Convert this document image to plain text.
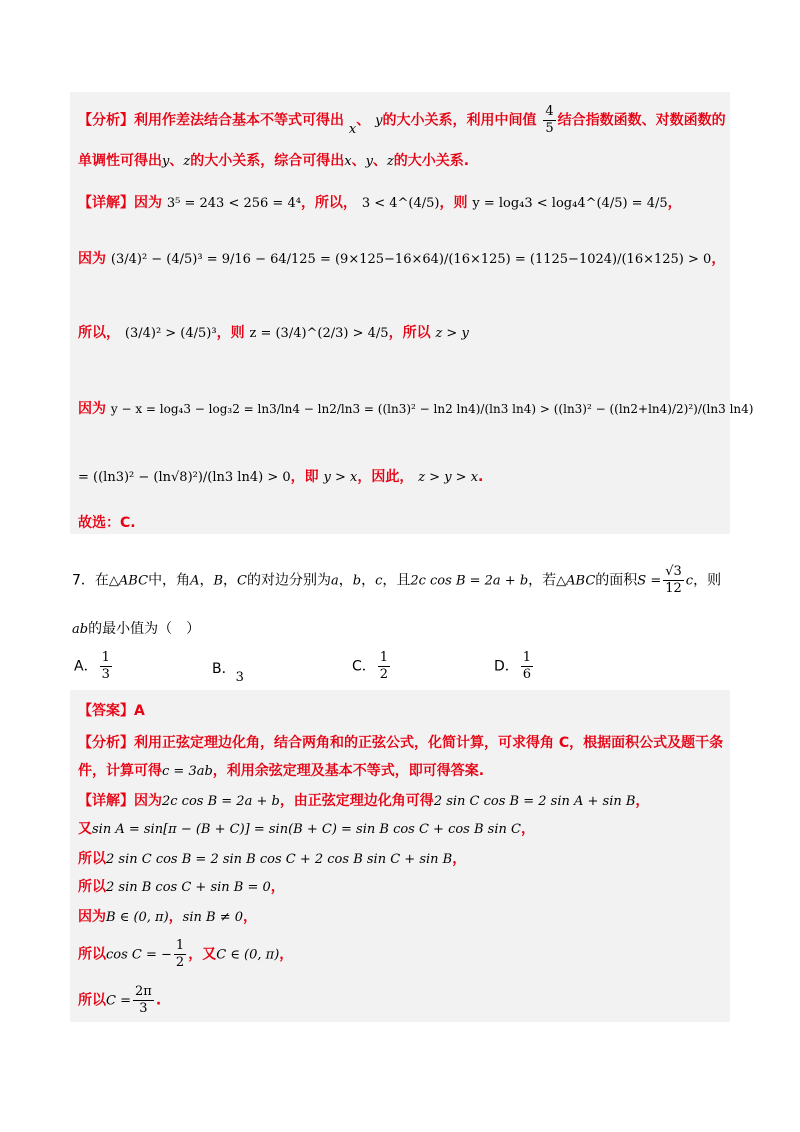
【分析】利用作差法结合基本不等式可得出 x、 y的大小关系，利用中间值 $\frac{4}{5}$ 结合指数函数、对数函数的
单调性可得出y、z的大小关系，综合可得出x、y、z的大小关系.
【详解】因为 3⁵ = 243 < 256 = 4⁴，所以， 3 < 4^(4/5)，则 y = log₄3 < log₄4^(4/5) = 4/5，
因为 (3/4)² − (4/5)³ = 9/16 − 64/125 = (9×125−16×64)/(16×125) = (1125−1024)/(16×125) > 0，
所以， (3/4)² > (4/5)³，则 z = (3/4)^(2/3) > 4/5，所以 z > y
因为 y − x = log₄3 − log₃2 = ln3/ln4 − ln2/ln3 = ((ln3)² − ln2 ln4)/(ln3 ln4) > ((ln3)² − ((ln2+ln4)/2)²)/(ln3 ln4)
= ((ln3)² − (ln√8)²)/(ln3 ln4) > 0，即 y > x，因此， z > y > x.
故选：C.
7．在△ABC中，角A，B，C的对边分别为a，b，c，且2c cos B = 2a + b，若△ABC的面积$S = \frac{√3}{12}$ c，则
ab的最小值为（　）
A． $\frac{1}{3}$	B．3
C． $\frac{1}{2}$	D． $\frac{1}{6}$
【答案】A
【分析】利用正弦定理边化角，结合两角和的正弦公式，化简计算，可求得角 C，根据面积公式及题干条
件，计算可得c = 3ab，利用余弦定理及基本不等式，即可得答案.
【详解】因为2c cos B = 2a + b，由正弦定理边化角可得2 sin C cos B = 2 sin A + sin B，
又sin A = sin[π − (B + C)] = sin(B + C) = sin B cos C + cos B sin C，
所以2 sin C cos B = 2 sin B cos C + 2 cos B sin C + sin B，
所以2 sin B cos C + sin B = 0，
因为B ∈ (0, π)，sin B ≠ 0，
所以cos C = − $\frac{1}{2}$ ，又C ∈ (0, π)，
所以$C = \frac{2\pi}{3}$ .
